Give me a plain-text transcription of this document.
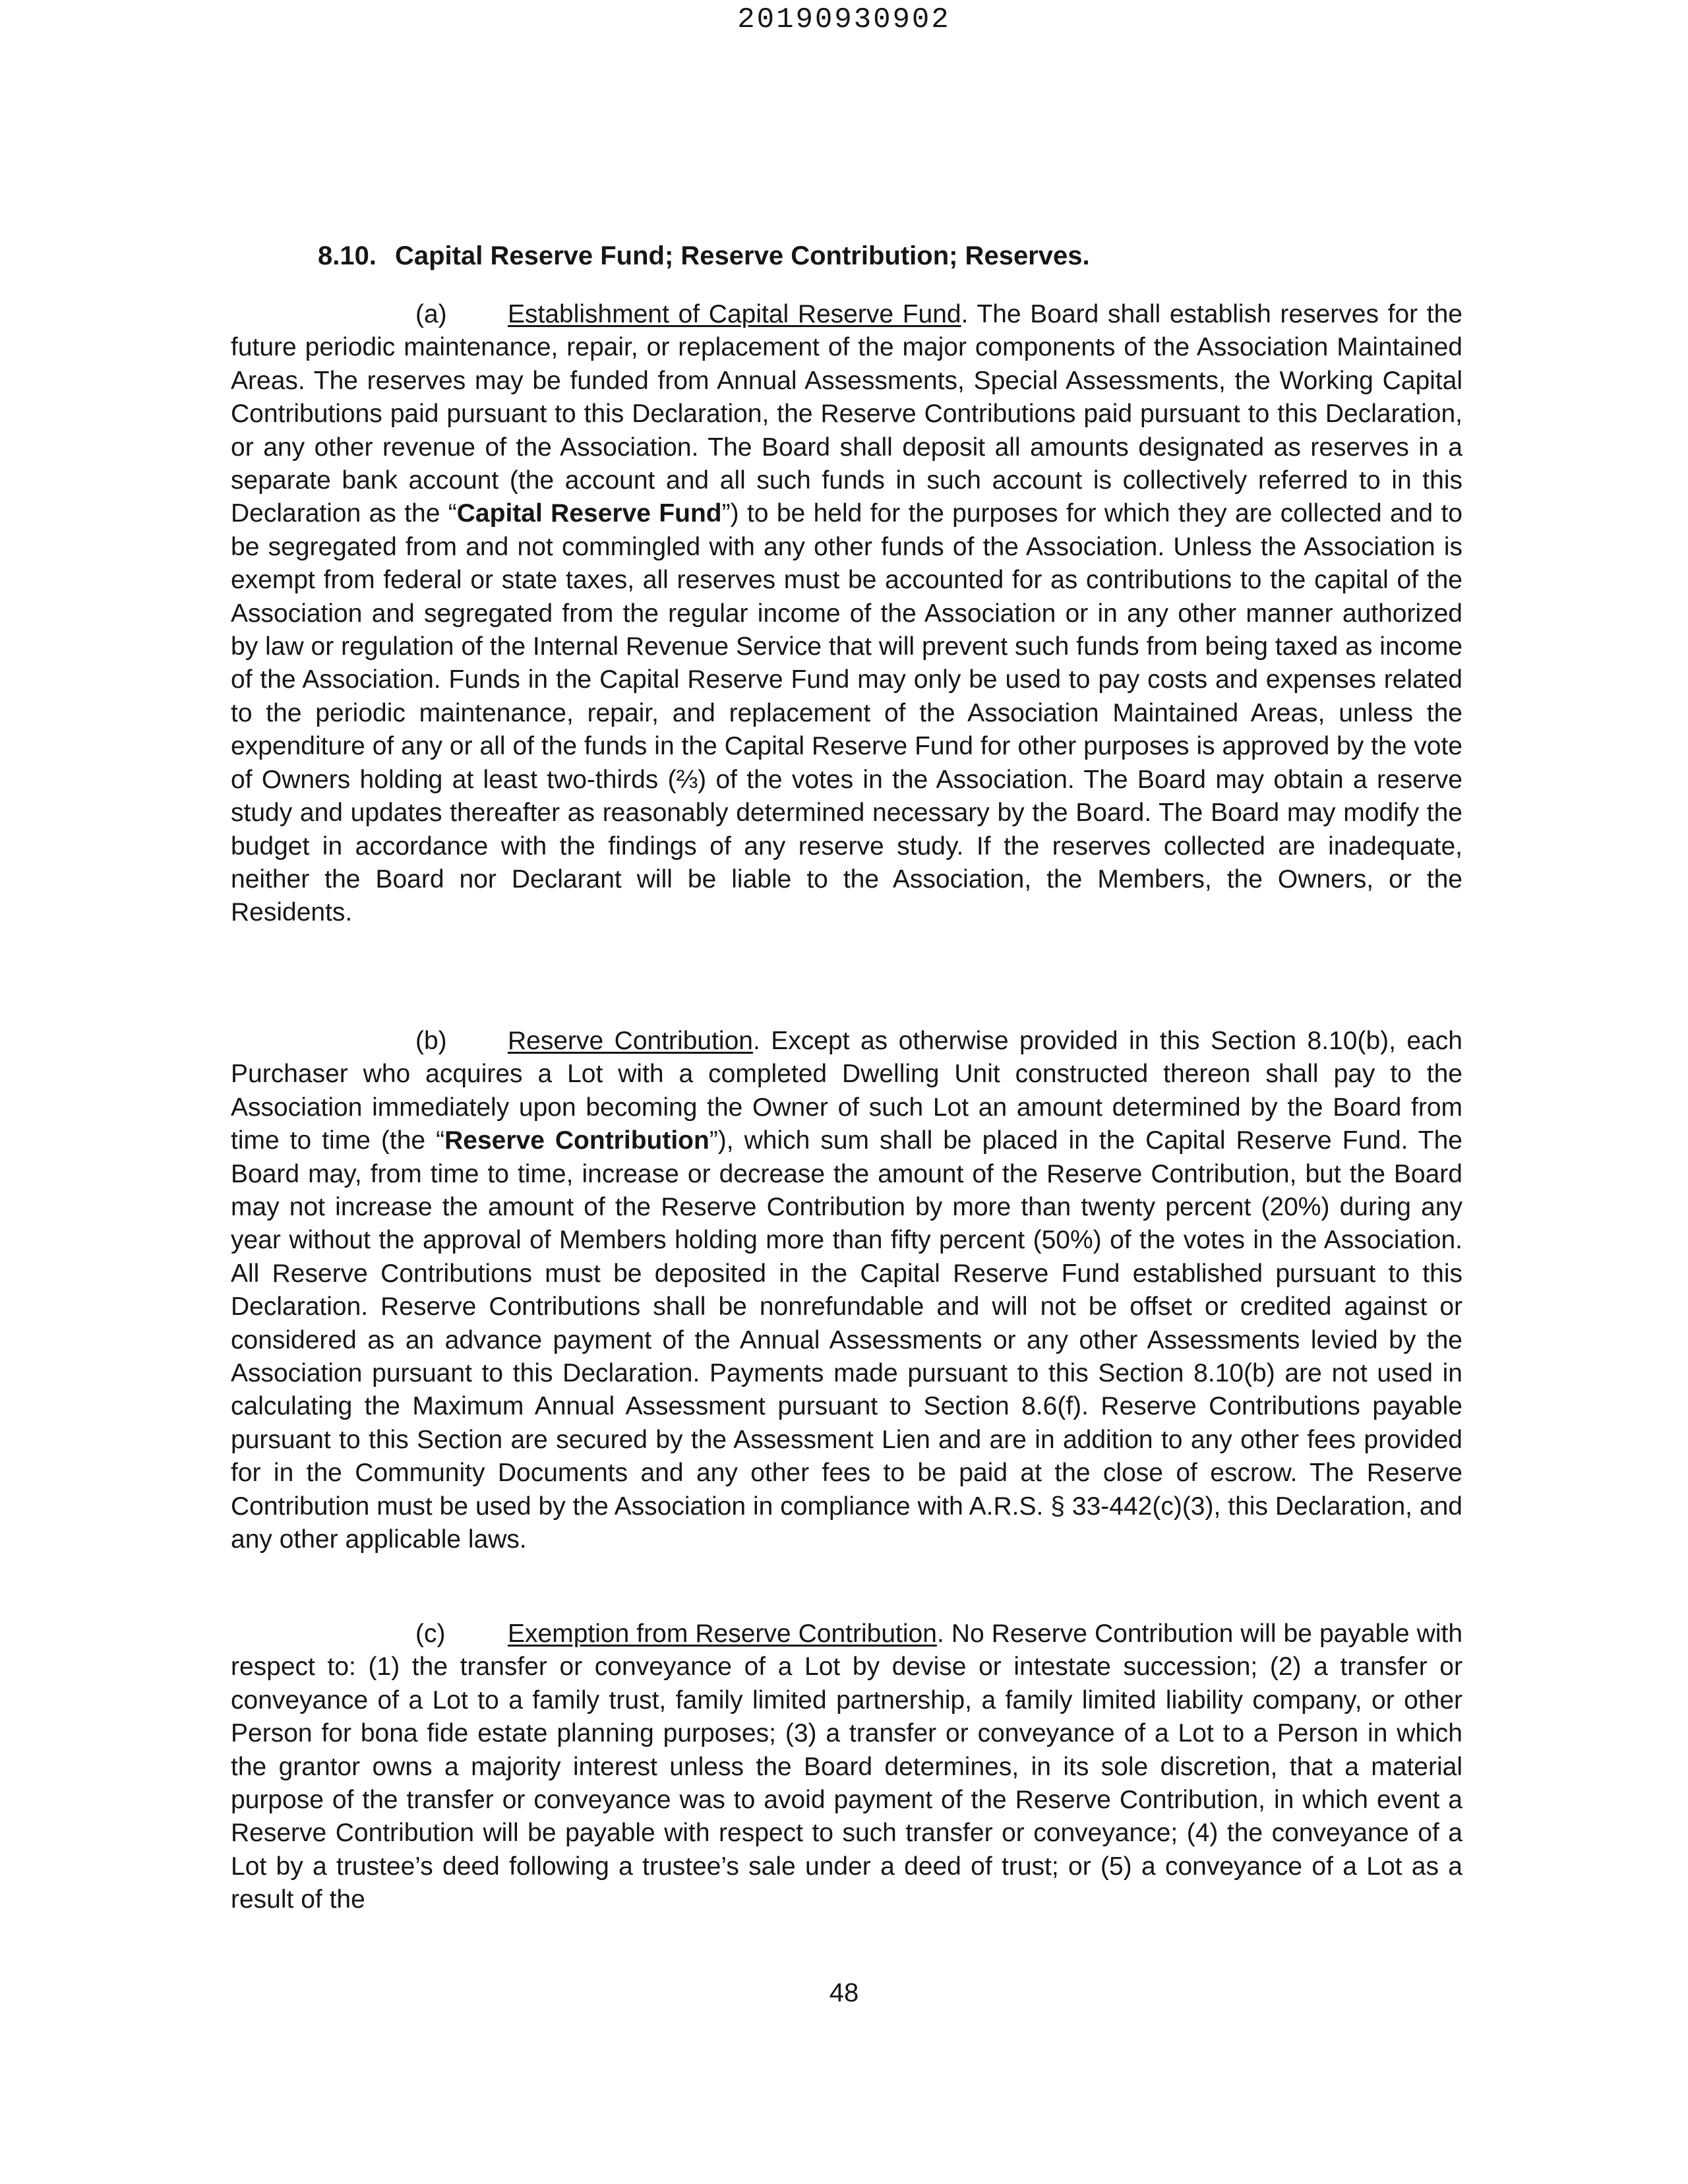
20190930902
8.10. Capital Reserve Fund; Reserve Contribution; Reserves.

(a) Establishment of Capital Reserve Fund. The Board shall establish reserves for the future periodic maintenance, repair, or replacement of the major components of the Association Maintained Areas. The reserves may be funded from Annual Assessments, Special Assessments, the Working Capital Contributions paid pursuant to this Declaration, the Reserve Contributions paid pursuant to this Declaration, or any other revenue of the Association. The Board shall deposit all amounts designated as reserves in a separate bank account (the account and all such funds in such account is collectively referred to in this Declaration as the “Capital Reserve Fund”) to be held for the purposes for which they are collected and to be segregated from and not commingled with any other funds of the Association. Unless the Association is exempt from federal or state taxes, all reserves must be accounted for as contributions to the capital of the Association and segregated from the regular income of the Association or in any other manner authorized by law or regulation of the Internal Revenue Service that will prevent such funds from being taxed as income of the Association. Funds in the Capital Reserve Fund may only be used to pay costs and expenses related to the periodic maintenance, repair, and replacement of the Association Maintained Areas, unless the expenditure of any or all of the funds in the Capital Reserve Fund for other purposes is approved by the vote of Owners holding at least two-thirds (⅔) of the votes in the Association. The Board may obtain a reserve study and updates thereafter as reasonably determined necessary by the Board. The Board may modify the budget in accordance with the findings of any reserve study. If the reserves collected are inadequate, neither the Board nor Declarant will be liable to the Association, the Members, the Owners, or the Residents.

(b) Reserve Contribution. Except as otherwise provided in this Section 8.10(b), each Purchaser who acquires a Lot with a completed Dwelling Unit constructed thereon shall pay to the Association immediately upon becoming the Owner of such Lot an amount determined by the Board from time to time (the “Reserve Contribution”), which sum shall be placed in the Capital Reserve Fund. The Board may, from time to time, increase or decrease the amount of the Reserve Contribution, but the Board may not increase the amount of the Reserve Contribution by more than twenty percent (20%) during any year without the approval of Members holding more than fifty percent (50%) of the votes in the Association. All Reserve Contributions must be deposited in the Capital Reserve Fund established pursuant to this Declaration. Reserve Contributions shall be nonrefundable and will not be offset or credited against or considered as an advance payment of the Annual Assessments or any other Assessments levied by the Association pursuant to this Declaration. Payments made pursuant to this Section 8.10(b) are not used in calculating the Maximum Annual Assessment pursuant to Section 8.6(f). Reserve Contributions payable pursuant to this Section are secured by the Assessment Lien and are in addition to any other fees provided for in the Community Documents and any other fees to be paid at the close of escrow. The Reserve Contribution must be used by the Association in compliance with A.R.S. § 33-442(c)(3), this Declaration, and any other applicable laws.

(c) Exemption from Reserve Contribution. No Reserve Contribution will be payable with respect to: (1) the transfer or conveyance of a Lot by devise or intestate succession; (2) a transfer or conveyance of a Lot to a family trust, family limited partnership, a family limited liability company, or other Person for bona fide estate planning purposes; (3) a transfer or conveyance of a Lot to a Person in which the grantor owns a majority interest unless the Board determines, in its sole discretion, that a material purpose of the transfer or conveyance was to avoid payment of the Reserve Contribution, in which event a Reserve Contribution will be payable with respect to such transfer or conveyance; (4) the conveyance of a Lot by a trustee’s deed following a trustee’s sale under a deed of trust; or (5) a conveyance of a Lot as a result of the

48
